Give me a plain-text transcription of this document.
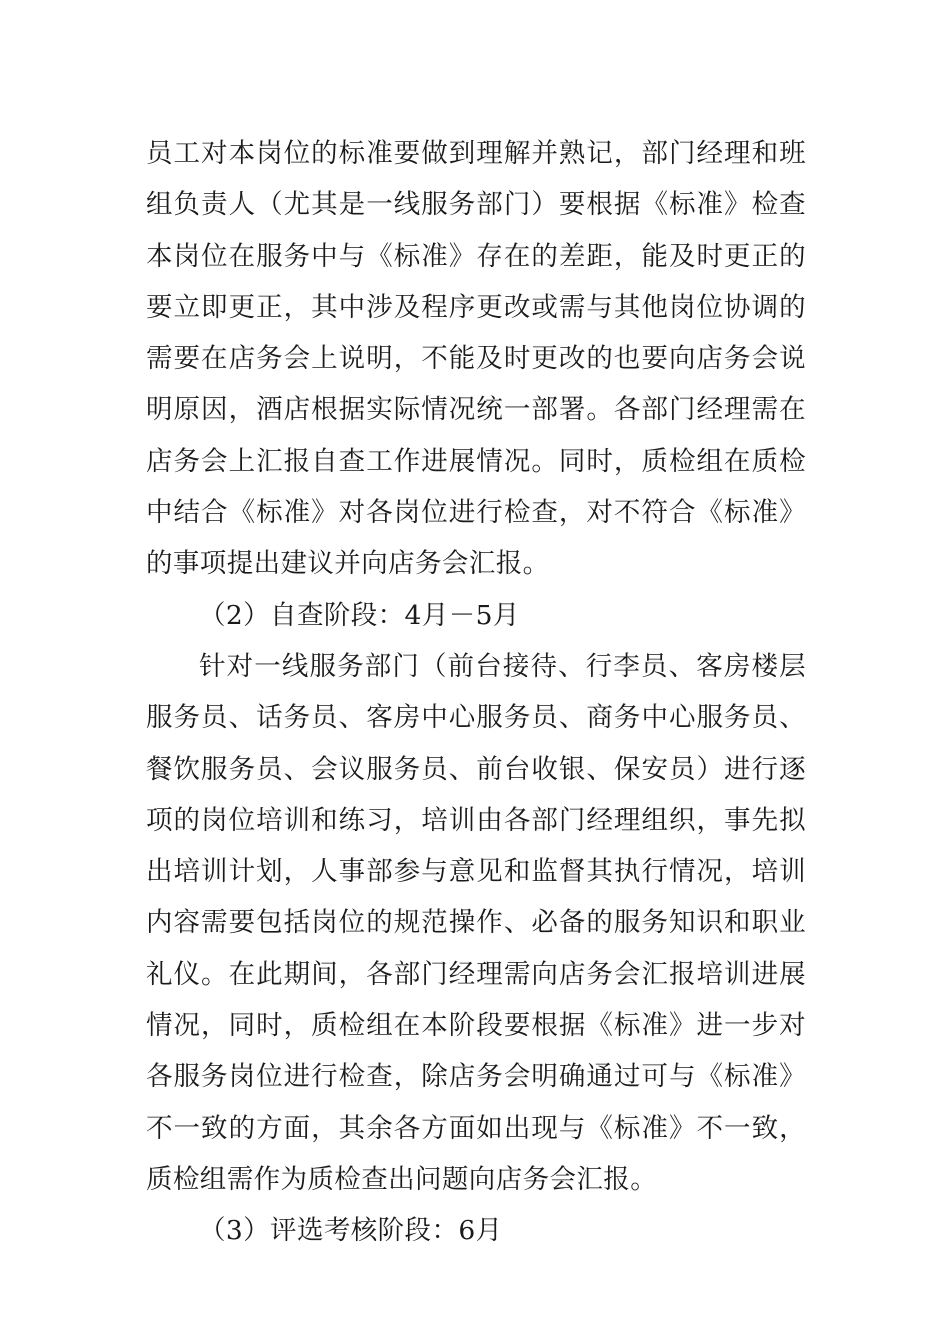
员工对本岗位的标准要做到理解并熟记，部门经理和班组负责人（尤其是一线服务部门）要根据《标准》检查本岗位在服务中与《标准》存在的差距，能及时更正的要立即更正，其中涉及程序更改或需与其他岗位协调的需要在店务会上说明，不能及时更改的也要向店务会说明原因，酒店根据实际情况统一部署。各部门经理需在店务会上汇报自查工作进展情况。同时，质检组在质检中结合《标准》对各岗位进行检查，对不符合《标准》的事项提出建议并向店务会汇报。

（2）自查阶段：4月－5月

针对一线服务部门（前台接待、行李员、客房楼层服务员、话务员、客房中心服务员、商务中心服务员、餐饮服务员、会议服务员、前台收银、保安员）进行逐项的岗位培训和练习，培训由各部门经理组织，事先拟出培训计划，人事部参与意见和监督其执行情况，培训内容需要包括岗位的规范操作、必备的服务知识和职业礼仪。在此期间，各部门经理需向店务会汇报培训进展情况，同时，质检组在本阶段要根据《标准》进一步对各服务岗位进行检查，除店务会明确通过可与《标准》不一致的方面，其余各方面如出现与《标准》不一致，质检组需作为质检查出问题向店务会汇报。

（3）评选考核阶段：6月
